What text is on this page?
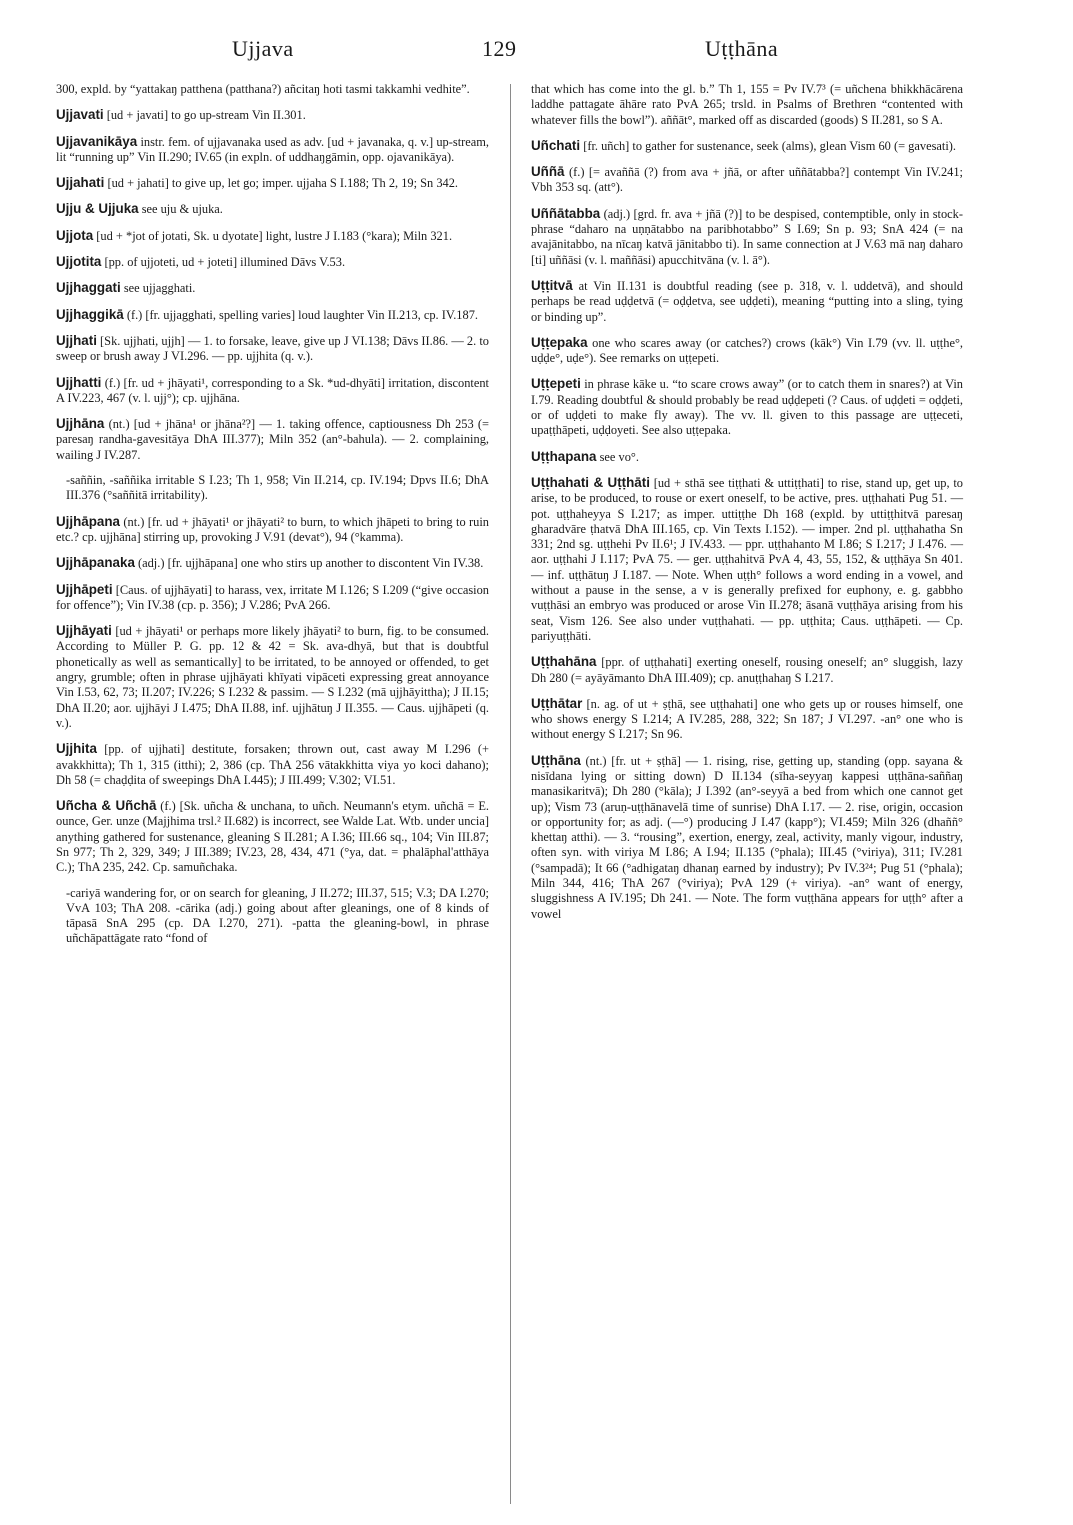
Ujjava	129	Uṭṭhāna

300, expld. by “yattakaŋ patthena (patthana?) añcitaŋ hoti tasmi takkamhi vedhite”.

Ujjavati [ud + javati] to go up-stream Vin II.301.

Ujjavanikāya instr. fem. of ujjavanaka used as adv. [ud + javanaka, q. v.] up-stream, lit “running up” Vin II.290; IV.65 (in expln. of uddhaŋgāmin, opp. ojavanikāya).

Ujjahati [ud + jahati] to give up, let go; imper. ujjaha S I.188; Th 2, 19; Sn 342.

Ujju & Ujjuka see uju & ujuka.

Ujjota [ud + *jot of jotati, Sk. u dyotate] light, lustre J I.183 (°kara); Miln 321.

Ujjotita [pp. of ujjoteti, ud + joteti] illumined Dāvs V.53.

Ujjhaggati see ujjagghati.

Ujjhaggikā (f.) [fr. ujjagghati, spelling varies] loud laughter Vin II.213, cp. IV.187.

Ujjhati [Sk. ujjhati, ujjh] — 1. to forsake, leave, give up J VI.138; Dāvs II.86. — 2. to sweep or brush away J VI.296. — pp. ujjhita (q. v.).

Ujjhatti (f.) [fr. ud + jhāyati¹, corresponding to a Sk. *ud-dhyāti] irritation, discontent A IV.223, 467 (v. l. ujj°); cp. ujjhāna.

Ujjhāna (nt.) [ud + jhāna¹ or jhāna²?] — 1. taking offence, captiousness Dh 253 (= paresaŋ randha-gavesitāya DhA III.377); Miln 352 (an°-bahula). — 2. complaining, wailing J IV.287.

-saññin, -saññika irritable S I.23; Th 1, 958; Vin II.214, cp. IV.194; Dpvs II.6; DhA III.376 (°saññitā irritability).

Ujjhāpana (nt.) [fr. ud + jhāyati¹ or jhāyati² to burn, to which jhāpeti to bring to ruin etc.? cp. ujjhāna] stirring up, provoking J V.91 (devat°), 94 (°kamma).

Ujjhāpanaka (adj.) [fr. ujjhāpana] one who stirs up another to discontent Vin IV.38.

Ujjhāpeti [Caus. of ujjhāyati] to harass, vex, irritate M I.126; S I.209 (“give occasion for offence”); Vin IV.38 (cp. p. 356); J V.286; PvA 266.

Ujjhāyati [ud + jhāyati¹ or perhaps more likely jhāyati² to burn, fig. to be consumed. According to Müller P. G. pp. 12 & 42 = Sk. ava-dhyā, but that is doubtful phonetically as well as semantically] to be irritated, to be annoyed or offended, to get angry, grumble; often in phrase ujjhāyati khīyati vipāceti expressing great annoyance Vin I.53, 62, 73; II.207; IV.226; S I.232 & passim. — S I.232 (mā ujjhāyittha); J II.15; DhA II.20; aor. ujjhāyi J I.475; DhA II.88, inf. ujjhātuŋ J II.355. — Caus. ujjhāpeti (q. v.).

Ujjhita [pp. of ujjhati] destitute, forsaken; thrown out, cast away M I.296 (+ avakkhitta); Th 1, 315 (itthi); 2, 386 (cp. ThA 256 vātakkhitta viya yo koci dahano); Dh 58 (= chaḍḍita of sweepings DhA I.445); J III.499; V.302; VI.51.

Uñcha & Uñchā (f.) [Sk. uñcha & unchana, to uñch. Neumann's etym. uñchā = E. ounce, Ger. unze (Majjhima trsl.² II.682) is incorrect, see Walde Lat. Wtb. under uncia] anything gathered for sustenance, gleaning S II.281; A I.36; III.66 sq., 104; Vin III.87; Sn 977; Th 2, 329, 349; J III.389; IV.23, 28, 434, 471 (°ya, dat. = phalāphal'atthāya C.); ThA 235, 242. Cp. samuñchaka.

-cariyā wandering for, or on search for gleaning, J II.272; III.37, 515; V.3; DA I.270; VvA 103; ThA 208. -cārika (adj.) going about after gleanings, one of 8 kinds of tāpasā SnA 295 (cp. DA I.270, 271). -patta the gleaning-bowl, in phrase uñchāpattāgate rato “fond of

that which has come into the gl. b.” Th 1, 155 = Pv IV.7³ (= uñchena bhikkhācārena laddhe pattagate āhāre rato PvA 265; trsld. in Psalms of Brethren “contented with whatever fills the bowl”). aññāt°, marked off as discarded (goods) S II.281, so S A.

Uñchati [fr. uñch] to gather for sustenance, seek (alms), glean Vism 60 (= gavesati).

Uññā (f.) [= avaññā (?) from ava + jñā, or after uññātabba?] contempt Vin IV.241; Vbh 353 sq. (att°).

Uññātabba (adj.) [grd. fr. ava + jñā (?)] to be despised, contemptible, only in stock-phrase “daharo na uṇṇātabbo na paribhotabbo” S I.69; Sn p. 93; SnA 424 (= na avajānitabbo, na nīcaŋ katvā jānitabbo ti). In same connection at J V.63 mā naŋ daharo [ti] uññāsi (v. l. maññāsi) apucchitvāna (v. l. ā°).

Uṭṭitvā at Vin II.131 is doubtful reading (see p. 318, v. l. uddetvā), and should perhaps be read uḍḍetvā (= oḍḍetva, see uḍḍeti), meaning “putting into a sling, tying or binding up”.

Uṭṭepaka one who scares away (or catches?) crows (kāk°) Vin I.79 (vv. ll. uṭṭhe°, uḍḍe°, uḍe°). See remarks on uṭṭepeti.

Uṭṭepeti in phrase kāke u. “to scare crows away” (or to catch them in snares?) at Vin I.79. Reading doubtful & should probably be read uḍḍepeti (? Caus. of uḍḍeti = oḍḍeti, or of uḍḍeti to make fly away). The vv. ll. given to this passage are uṭṭeceti, upaṭṭhāpeti, uḍḍoyeti. See also uṭṭepaka.

Uṭṭhapana see vo°.

Uṭṭhahati & Uṭṭhāti [ud + sthā see tiṭṭhati & uttiṭṭhati] to rise, stand up, get up, to arise, to be produced, to rouse or exert oneself, to be active, pres. uṭṭhahati Pug 51. — pot. uṭṭhaheyya S I.217; as imper. uttiṭṭhe Dh 168 (expld. by uttiṭṭhitvā paresaŋ gharadvāre ṭhatvā DhA III.165, cp. Vin Texts I.152). — imper. 2nd pl. uṭṭhahatha Sn 331; 2nd sg. uṭṭhehi Pv II.6¹; J IV.433. — ppr. uṭṭhahanto M I.86; S I.217; J I.476. — aor. uṭṭhahi J I.117; PvA 75. — ger. uṭṭhahitvā PvA 4, 43, 55, 152, & uṭṭhāya Sn 401. — inf. uṭṭhātuŋ J I.187. — Note. When uṭṭh° follows a word ending in a vowel, and without a pause in the sense, a v is generally prefixed for euphony, e. g. gabbho vuṭṭhāsi an embryo was produced or arose Vin II.278; āsanā vuṭṭhāya arising from his seat, Vism 126. See also under vuṭṭhahati. — pp. uṭṭhita; Caus. uṭṭhāpeti. — Cp. pariyuṭṭhāti.

Uṭṭhahāna [ppr. of uṭṭhahati] exerting oneself, rousing oneself; an° sluggish, lazy Dh 280 (= ayāyāmanto DhA III.409); cp. anuṭṭhahaŋ S I.217.

Uṭṭhātar [n. ag. of ut + ṣṭhā, see uṭṭhahati] one who gets up or rouses himself, one who shows energy S I.214; A IV.285, 288, 322; Sn 187; J VI.297. -an° one who is without energy S I.217; Sn 96.

Uṭṭhāna (nt.) [fr. ut + ṣṭhā] — 1. rising, rise, getting up, standing (opp. sayana & nisīdana lying or sitting down) D II.134 (sīha-seyyaŋ kappesi uṭṭhāna-saññaŋ manasikaritvā); Dh 280 (°kāla); J I.392 (an°-seyyā a bed from which one cannot get up); Vism 73 (aruṇ-uṭṭhānavelā time of sunrise) DhA I.17. — 2. rise, origin, occasion or opportunity for; as adj. (—°) producing J I.47 (kapp°); VI.459; Miln 326 (dhaññ° khettaŋ atthi). — 3. “rousing”, exertion, energy, zeal, activity, manly vigour, industry, often syn. with viriya M I.86; A I.94; II.135 (°phala); III.45 (°viriya), 311; IV.281 (°sampadā); It 66 (°adhigataŋ dhanaŋ earned by industry); Pv IV.3²⁴; Pug 51 (°phala); Miln 344, 416; ThA 267 (°viriya); PvA 129 (+ viriya). -an° want of energy, sluggishness A IV.195; Dh 241. — Note. The form vuṭṭhāna appears for uṭṭh° after a vowel
